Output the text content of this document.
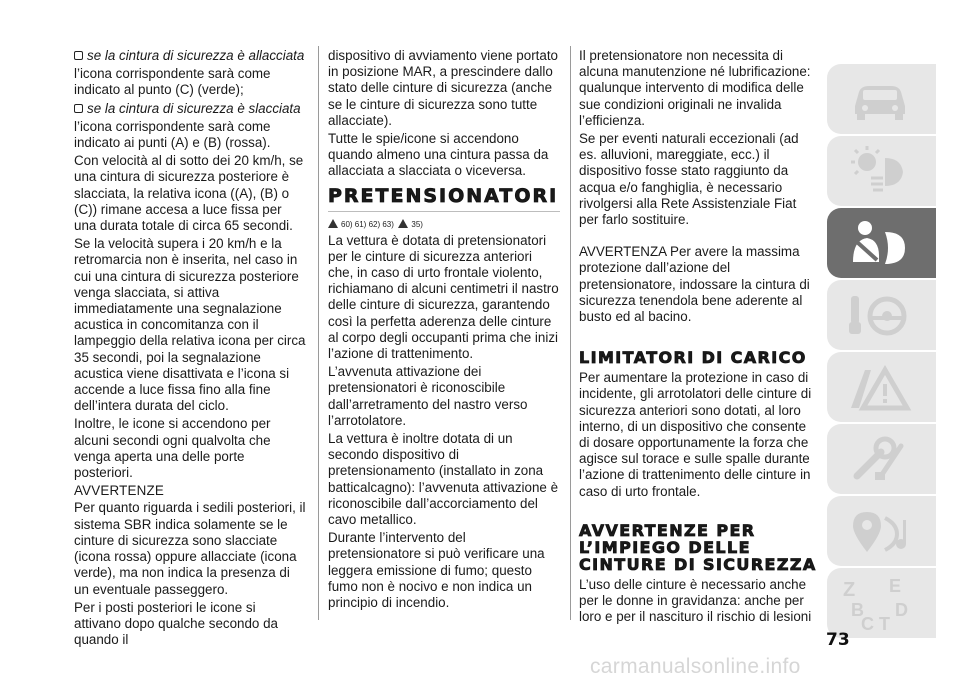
se la cintura di sicurezza è allacciata

l’icona corrispondente sarà come indicato al punto (C) (verde);

se la cintura di sicurezza è slacciata

l’icona corrispondente sarà come indicato ai punti (A) e (B) (rossa).

Con velocità al di sotto dei 20 km/h, se una cintura di sicurezza posteriore è slacciata, la relativa icona ((A), (B) o (C)) rimane accesa a luce fissa per una durata totale di circa 65 secondi.

Se la velocità supera i 20 km/h e la retromarcia non è inserita, nel caso in cui una cintura di sicurezza posteriore venga slacciata, si attiva immediatamente una segnalazione acustica in concomitanza con il lampeggio della relativa icona per circa 35 secondi, poi la segnalazione acustica viene disattivata e l’icona si accende a luce fissa fino alla fine dell’intera durata del ciclo.

Inoltre, le icone si accendono per alcuni secondi ogni qualvolta che venga aperta una delle porte posteriori.

AVVERTENZE

Per quanto riguarda i sedili posteriori, il sistema SBR indica solamente se le cinture di sicurezza sono slacciate (icona rossa) oppure allacciate (icona verde), ma non indica la presenza di un eventuale passeggero.

Per i posti posteriori le icone si attivano dopo qualche secondo da quando il

dispositivo di avviamento viene portato in posizione MAR, a prescindere dallo stato delle cinture di sicurezza (anche se le cinture di sicurezza sono tutte allacciate).

Tutte le spie/icone si accendono quando almeno una cintura passa da allacciata a slacciata o viceversa.

PRETENSIONATORI
60) 61) 62) 63) 35)

La vettura è dotata di pretensionatori per le cinture di sicurezza anteriori che, in caso di urto frontale violento, richiamano di alcuni centimetri il nastro delle cinture di sicurezza, garantendo così la perfetta aderenza delle cinture al corpo degli occupanti prima che inizi l’azione di trattenimento.

L’avvenuta attivazione dei pretensionatori è riconoscibile dall’arretramento del nastro verso l’arrotolatore.

La vettura è inoltre dotata di un secondo dispositivo di pretensionamento (installato in zona batticalcagno): l’avvenuta attivazione è riconoscibile dall’accorciamento del cavo metallico.

Durante l’intervento del pretensionatore si può verificare una leggera emissione di fumo; questo fumo non è nocivo e non indica un principio di incendio.

Il pretensionatore non necessita di alcuna manutenzione né lubrificazione: qualunque intervento di modifica delle sue condizioni originali ne invalida l’efficienza.

Se per eventi naturali eccezionali (ad es. alluvioni, mareggiate, ecc.) il dispositivo fosse stato raggiunto da acqua e/o fanghiglia, è necessario rivolgersi alla Rete Assistenziale Fiat per farlo sostituire.

AVVERTENZA Per avere la massima protezione dall’azione del pretensionatore, indossare la cintura di sicurezza tenendola bene aderente al busto ed al bacino.

LIMITATORI DI CARICO

Per aumentare la protezione in caso di incidente, gli arrotolatori delle cinture di sicurezza anteriori sono dotati, al loro interno, di un dispositivo che consente di dosare opportunamente la forza che agisce sul torace e sulle spalle durante l’azione di trattenimento delle cinture in caso di urto frontale.

AVVERTENZE PER
L’IMPIEGO DELLE
CINTURE DI SICUREZZA

L’uso delle cinture è necessario anche per le donne in gravidanza: anche per loro e per il nascituro il rischio di lesioni

Z E
B
C T
D
73
carmanualsonline.info
